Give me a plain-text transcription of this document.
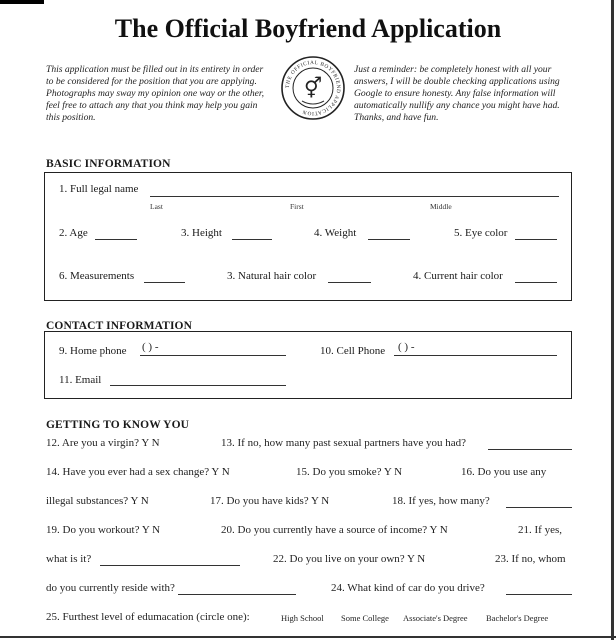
The Official Boyfriend Application
This application must be filled out in its entirety in order to be considered for the position that you are applying. Photographs may sway my opinion one way or the other, feel free to attach any that you think may help you gain this position.
Just a reminder: be completely honest with all your answers, I will be double checking applications using Google to ensure honesty. Any false information will automatically nullify any chance you might have had. Thanks, and have fun.
THE OFFICIAL BOYFRIEND APPLICATION
⚥
BASIC INFORMATION
1. Full legal name
Last	First	Middle
2. Age	3. Height	4. Weight	5. Eye color
6. Measurements	3. Natural hair color	4. Current hair color
CONTACT INFORMATION
9. Home phone ( ) -	10. Cell Phone ( ) -
11. Email
GETTING TO KNOW YOU
12. Are you a virgin? Y N	13. If no, how many past sexual partners have you had?
14. Have you ever had a sex change? Y N	15. Do you smoke? Y N	16. Do you use any
illegal substances? Y N	17. Do you have kids? Y N	18. If yes, how many?
19. Do you workout? Y N	20. Do you currently have a source of income? Y N	21. If yes,
what is it?	22. Do you live on your own? Y N	23. If no, whom
do you currently reside with?	24. What kind of car do you drive?
25. Furthest level of edumacation (circle one):	High School Some College Associate's Degree Bachelor's Degree
